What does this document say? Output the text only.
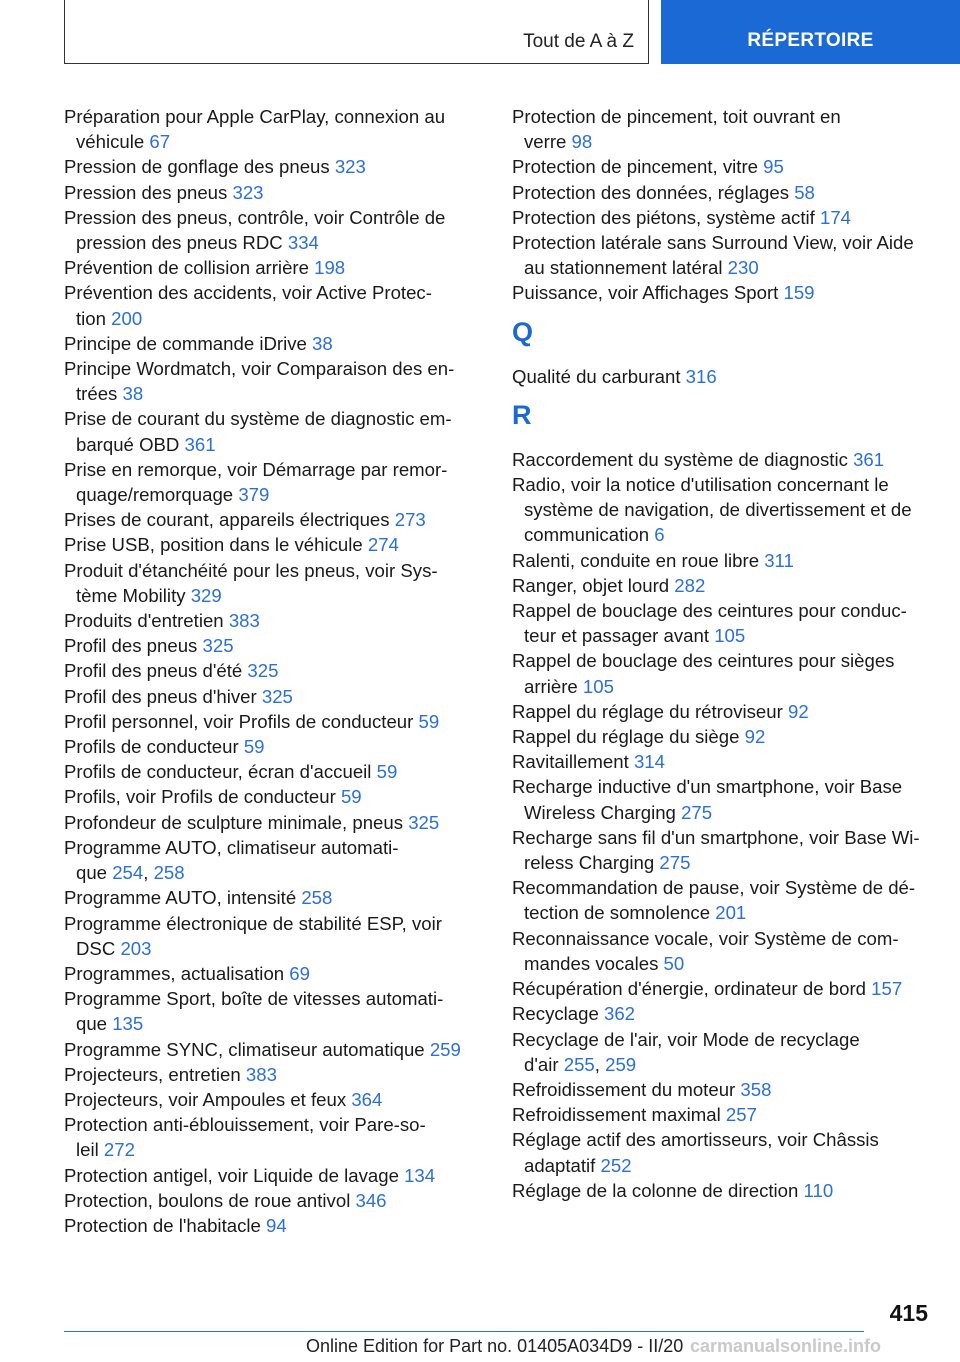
Tout de A à Z	RÉPERTOIRE
Préparation pour Apple CarPlay, connexion au
véhicule 67
Pression de gonflage des pneus 323
Pression des pneus 323
Pression des pneus, contrôle, voir Contrôle de
pression des pneus RDC 334
Prévention de collision arrière 198
Prévention des accidents, voir Active Protec‐
tion 200
Principe de commande iDrive 38
Principe Wordmatch, voir Comparaison des en‐
trées 38
Prise de courant du système de diagnostic em‐
barqué OBD 361
Prise en remorque, voir Démarrage par remor‐
quage/remorquage 379
Prises de courant, appareils électriques 273
Prise USB, position dans le véhicule 274
Produit d'étanchéité pour les pneus, voir Sys‐
tème Mobility 329
Produits d'entretien 383
Profil des pneus 325
Profil des pneus d'été 325
Profil des pneus d'hiver 325
Profil personnel, voir Profils de conducteur 59
Profils de conducteur 59
Profils de conducteur, écran d'accueil 59
Profils, voir Profils de conducteur 59
Profondeur de sculpture minimale, pneus 325
Programme AUTO, climatiseur automati‐
que 254, 258
Programme AUTO, intensité 258
Programme électronique de stabilité ESP, voir
DSC 203
Programmes, actualisation 69
Programme Sport, boîte de vitesses automati‐
que 135
Programme SYNC, climatiseur automatique 259
Projecteurs, entretien 383
Projecteurs, voir Ampoules et feux 364
Protection anti-éblouissement, voir Pare-so‐
leil 272
Protection antigel, voir Liquide de lavage 134
Protection, boulons de roue antivol 346
Protection de l'habitacle 94
Protection de pincement, toit ouvrant en
verre 98
Protection de pincement, vitre 95
Protection des données, réglages 58
Protection des piétons, système actif 174
Protection latérale sans Surround View, voir Aide
au stationnement latéral 230
Puissance, voir Affichages Sport 159
Q
Qualité du carburant 316
R
Raccordement du système de diagnostic 361
Radio, voir la notice d'utilisation concernant le
système de navigation, de divertissement et de
communication 6
Ralenti, conduite en roue libre 311
Ranger, objet lourd 282
Rappel de bouclage des ceintures pour conduc‐
teur et passager avant 105
Rappel de bouclage des ceintures pour sièges
arrière 105
Rappel du réglage du rétroviseur 92
Rappel du réglage du siège 92
Ravitaillement 314
Recharge inductive d'un smartphone, voir Base
Wireless Charging 275
Recharge sans fil d'un smartphone, voir Base Wi‐
reless Charging 275
Recommandation de pause, voir Système de dé‐
tection de somnolence 201
Reconnaissance vocale, voir Système de com‐
mandes vocales 50
Récupération d'énergie, ordinateur de bord 157
Recyclage 362
Recyclage de l'air, voir Mode de recyclage
d'air 255, 259
Refroidissement du moteur 358
Refroidissement maximal 257
Réglage actif des amortisseurs, voir Châssis
adaptatif 252
Réglage de la colonne de direction 110
415
Online Edition for Part no. 01405A034D9 - II/20 carmanualsonline.info
